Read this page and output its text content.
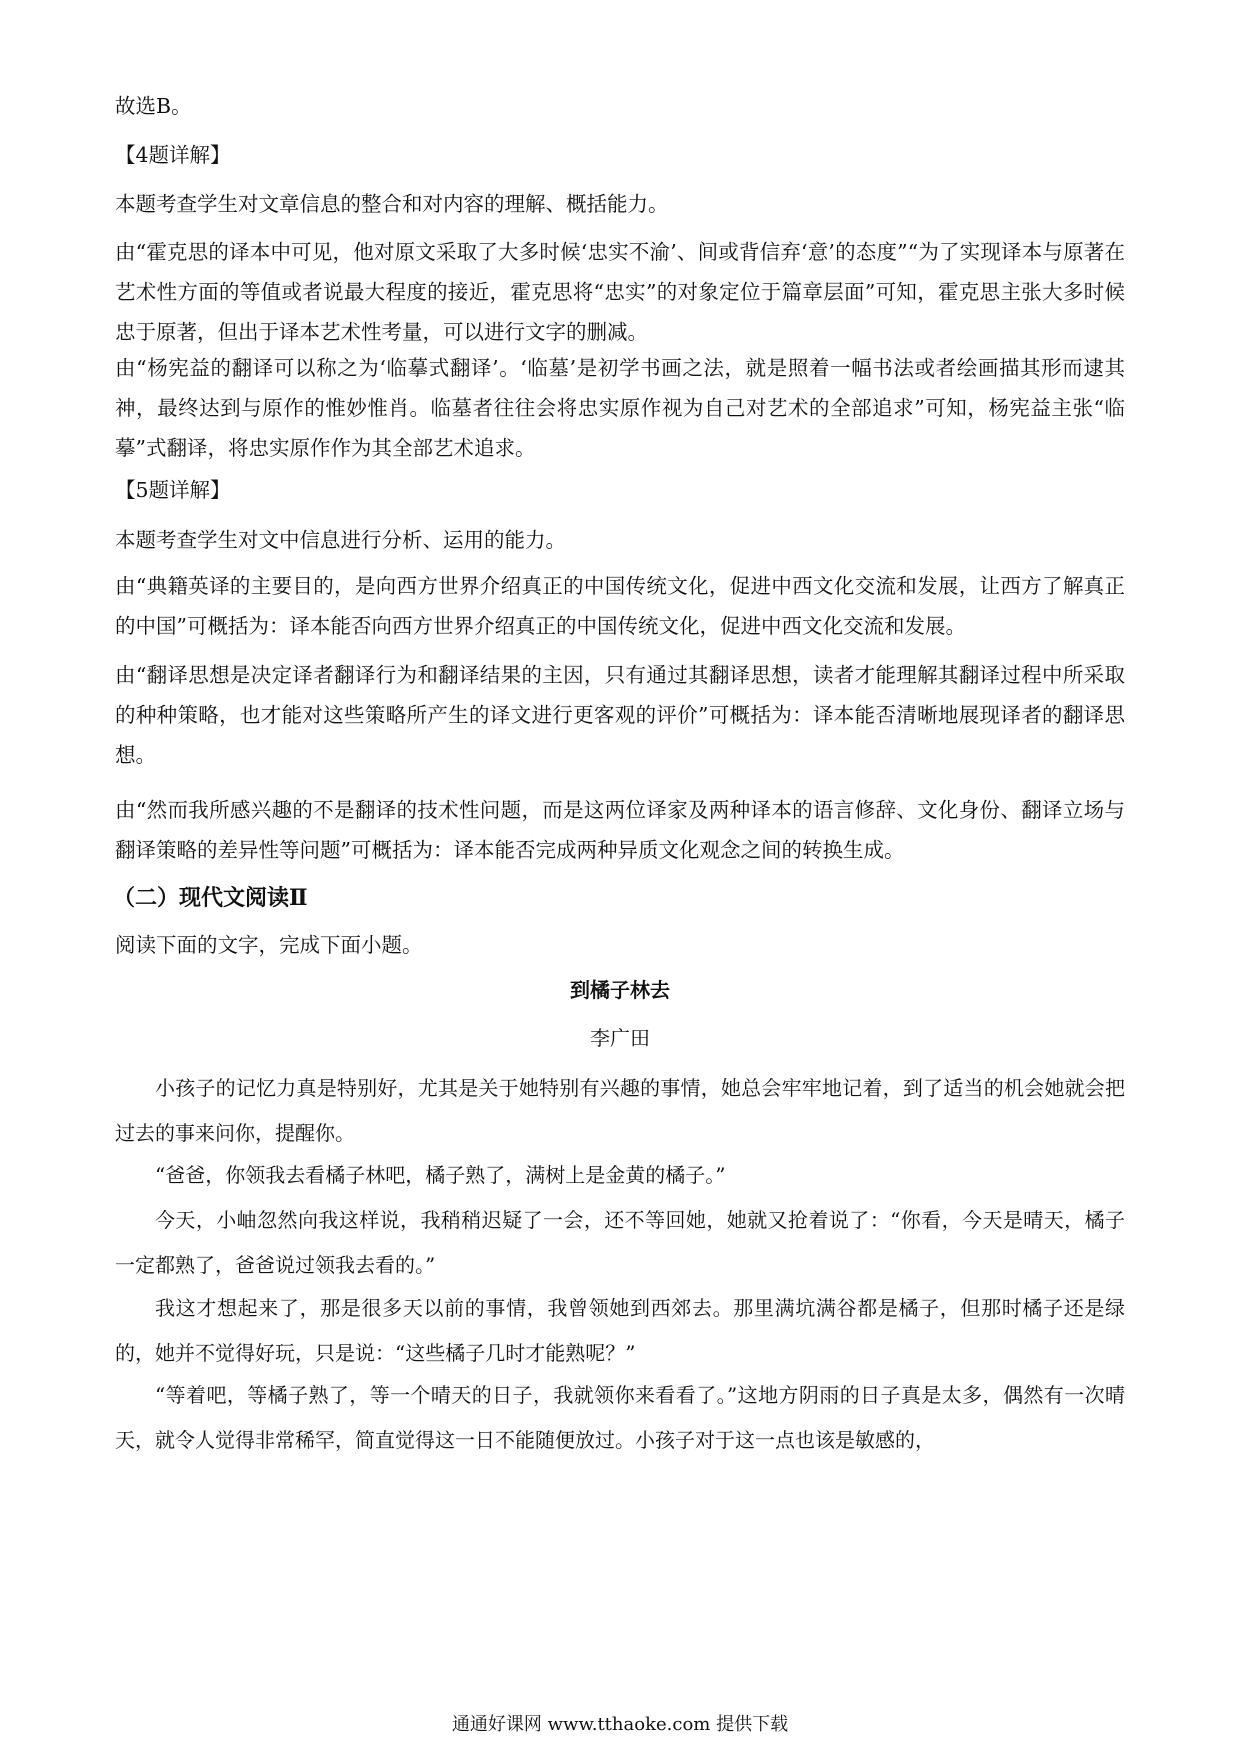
故选B。

【4题详解】

本题考查学生对文章信息的整合和对内容的理解、概括能力。

由“霍克思的译本中可见，他对原文采取了大多时候‘忠实不渝’、间或背信弃‘意’的态度”“为了实现译本与原著在艺术性方面的等值或者说最大程度的接近，霍克思将“忠实”的对象定位于篇章层面”可知，霍克思主张大多时候忠于原著，但出于译本艺术性考量，可以进行文字的删减。

由“杨宪益的翻译可以称之为‘临摹式翻译’。‘临墓’是初学书画之法，就是照着一幅书法或者绘画描其形而逮其神，最终达到与原作的惟妙惟肖。临墓者往往会将忠实原作视为自己对艺术的全部追求”可知，杨宪益主张“临摹”式翻译，将忠实原作作为其全部艺术追求。

【5题详解】

本题考查学生对文中信息进行分析、运用的能力。

由“典籍英译的主要目的，是向西方世界介绍真正的中国传统文化，促进中西文化交流和发展，让西方了解真正的中国”可概括为：译本能否向西方世界介绍真正的中国传统文化，促进中西文化交流和发展。

由“翻译思想是决定译者翻译行为和翻译结果的主因，只有通过其翻译思想，读者才能理解其翻译过程中所采取的种种策略，也才能对这些策略所产生的译文进行更客观的评价”可概括为：译本能否清晰地展现译者的翻译思想。

由“然而我所感兴趣的不是翻译的技术性问题，而是这两位译家及两种译本的语言修辞、文化身份、翻译立场与翻译策略的差异性等问题”可概括为：译本能否完成两种异质文化观念之间的转换生成。

（二）现代文阅读Ⅱ

阅读下面的文字，完成下面小题。

到橘子林去

李广田

小孩子的记忆力真是特别好，尤其是关于她特别有兴趣的事情，她总会牢牢地记着，到了适当的机会她就会把过去的事来问你，提醒你。

“爸爸，你领我去看橘子林吧，橘子熟了，满树上是金黄的橘子。”

今天，小岫忽然向我这样说，我稍稍迟疑了一会，还不等回她，她就又抢着说了：“你看，今天是晴天，橘子一定都熟了，爸爸说过领我去看的。”

我这才想起来了，那是很多天以前的事情，我曾领她到西郊去。那里满坑满谷都是橘子，但那时橘子还是绿的，她并不觉得好玩，只是说：“这些橘子几时才能熟呢？”

“等着吧，等橘子熟了，等一个晴天的日子，我就领你来看看了。”这地方阴雨的日子真是太多，偶然有一次晴天，就令人觉得非常稀罕，简直觉得这一日不能随便放过。小孩子对于这一点也该是敏感的，

通通好课网 www.tthaoke.com 提供下载
